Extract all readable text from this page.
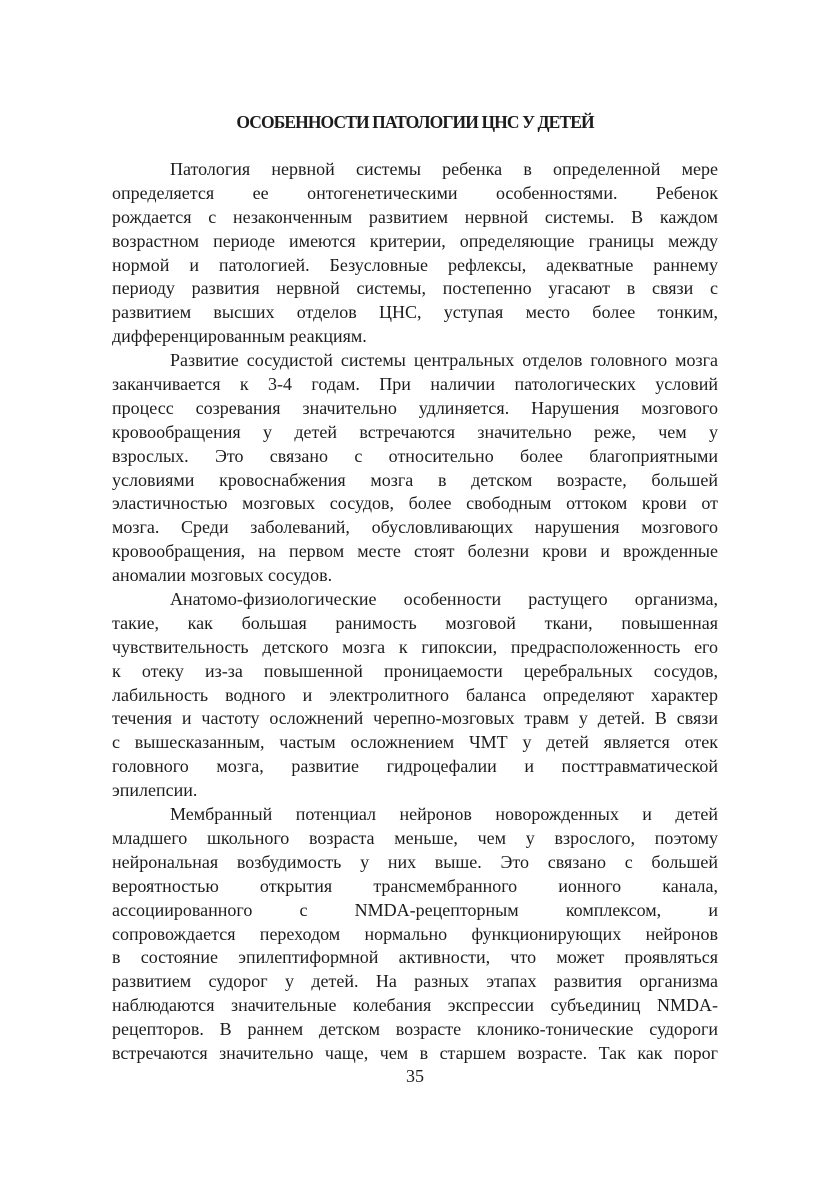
ОСОБЕННОСТИ ПАТОЛОГИИ ЦНС У ДЕТЕЙ
Патология нервной системы ребенка в определенной мере
определяется ее онтогенетическими особенностями. Ребенок
рождается с незаконченным развитием нервной системы. В каждом
возрастном периоде имеются критерии, определяющие границы между
нормой и патологией. Безусловные рефлексы, адекватные раннему
периоду развития нервной системы, постепенно угасают в связи с
развитием высших отделов ЦНС, уступая место более тонким,
дифференцированным реакциям.
Развитие сосудистой системы центральных отделов головного мозга
заканчивается к 3-4 годам. При наличии патологических условий
процесс созревания значительно удлиняется. Нарушения мозгового
кровообращения у детей встречаются значительно реже, чем у
взрослых. Это связано с относительно более благоприятными
условиями кровоснабжения мозга в детском возрасте, большей
эластичностью мозговых сосудов, более свободным оттоком крови от
мозга. Среди заболеваний, обусловливающих нарушения мозгового
кровообращения, на первом месте стоят болезни крови и врожденные
аномалии мозговых сосудов.
Анатомо-физиологические особенности растущего организма,
такие, как большая ранимость мозговой ткани, повышенная
чувствительность детского мозга к гипоксии, предрасположенность его
к отеку из-за повышенной проницаемости церебральных сосудов,
лабильность водного и электролитного баланса определяют характер
течения и частоту осложнений черепно-мозговых травм у детей. В связи
с вышесказанным, частым осложнением ЧМТ у детей является отек
головного мозга, развитие гидроцефалии и посттравматической
эпилепсии.
Мембранный потенциал нейронов новорожденных и детей
младшего школьного возраста меньше, чем у взрослого, поэтому
нейрональная возбудимость у них выше. Это связано с большей
вероятностью открытия трансмембранного ионного канала,
ассоциированного с NMDA-рецепторным комплексом, и
сопровождается переходом нормально функционирующих нейронов
в состояние эпилептиформной активности, что может проявляться
развитием судорог у детей. На разных этапах развития организма
наблюдаются значительные колебания экспрессии субъединиц NMDA-
рецепторов. В раннем детском возрасте клонико-тонические судороги
встречаются значительно чаще, чем в старшем возрасте. Так как порог
35
